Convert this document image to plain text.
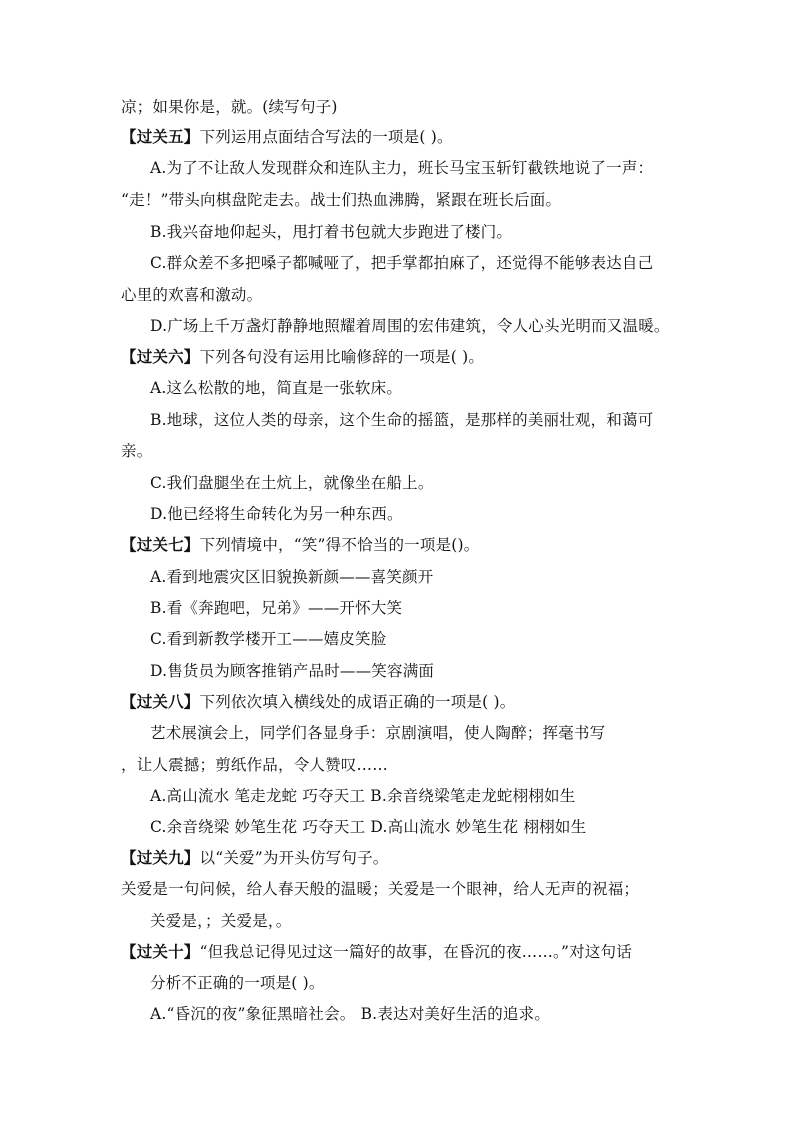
凉；如果你是，就。(续写句子)
【过关五】下列运用点面结合写法的一项是( )。
A.为了不让敌人发现群众和连队主力，班长马宝玉斩钉截铁地说了一声：
“走！”带头向棋盘陀走去。战士们热血沸腾，紧跟在班长后面。
B.我兴奋地仰起头，甩打着书包就大步跑进了楼门。
C.群众差不多把嗓子都喊哑了，把手掌都拍麻了，还觉得不能够表达自己
心里的欢喜和激动。
D.广场上千万盏灯静静地照耀着周围的宏伟建筑，令人心头光明而又温暖。
【过关六】下列各句没有运用比喻修辞的一项是( )。
A.这么松散的地，简直是一张软床。
B.地球，这位人类的母亲，这个生命的摇篮，是那样的美丽壮观，和蔼可
亲。
C.我们盘腿坐在土炕上，就像坐在船上。
D.他已经将生命转化为另一种东西。
【过关七】下列情境中，“笑”得不恰当的一项是()。
A.看到地震灾区旧貌换新颜——喜笑颜开
B.看《奔跑吧，兄弟》——开怀大笑
C.看到新教学楼开工——嬉皮笑脸
D.售货员为顾客推销产品时——笑容满面
【过关八】下列依次填入横线处的成语正确的一项是( )。
艺术展演会上，同学们各显身手：京剧演唱，使人陶醉；挥毫书写
，让人震撼；剪纸作品，令人赞叹……
A.高山流水 笔走龙蛇 巧夺天工 B.余音绕梁笔走龙蛇栩栩如生
C.余音绕梁 妙笔生花 巧夺天工 D.高山流水 妙笔生花 栩栩如生
【过关九】以“关爱”为开头仿写句子。
关爱是一句问候，给人春天般的温暖；关爱是一个眼神，给人无声的祝福；
关爱是，；关爱是，。
【过关十】“但我总记得见过这一篇好的故事，在昏沉的夜……。”对这句话
分析不正确的一项是( )。
A.“昏沉的夜”象征黑暗社会。 B.表达对美好生活的追求。
